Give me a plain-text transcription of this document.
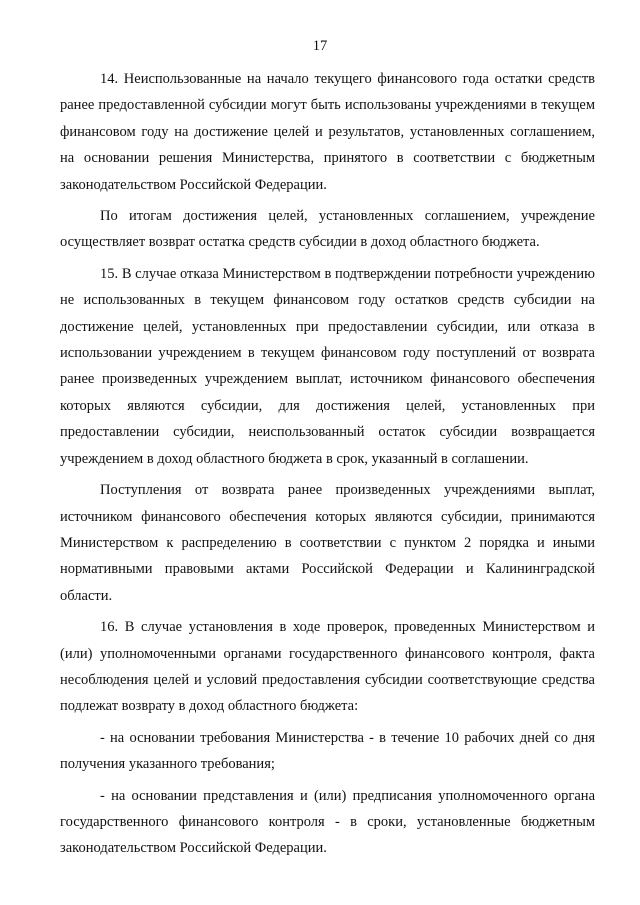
17

14. Неиспользованные на начало текущего финансового года остатки средств ранее предоставленной субсидии могут быть использованы учреждениями в текущем финансовом году на достижение целей и результатов, установленных соглашением, на основании решения Министерства, принятого в соответствии с бюджетным законодательством Российской Федерации.

По итогам достижения целей, установленных соглашением, учреждение осуществляет возврат остатка средств субсидии в доход областного бюджета.

15. В случае отказа Министерством в подтверждении потребности учреждению не использованных в текущем финансовом году остатков средств субсидии на достижение целей, установленных при предоставлении субсидии, или отказа в использовании учреждением в текущем финансовом году поступлений от возврата ранее произведенных учреждением выплат, источником финансового обеспечения которых являются субсидии, для достижения целей, установленных при предоставлении субсидии, неиспользованный остаток субсидии возвращается учреждением в доход областного бюджета в срок, указанный в соглашении.

Поступления от возврата ранее произведенных учреждениями выплат, источником финансового обеспечения которых являются субсидии, принимаются Министерством к распределению в соответствии с пунктом 2 порядка и иными нормативными правовыми актами Российской Федерации и Калининградской области.

16. В случае установления в ходе проверок, проведенных Министерством и (или) уполномоченными органами государственного финансового контроля, факта несоблюдения целей и условий предоставления субсидии соответствующие средства подлежат возврату в доход областного бюджета:

- на основании требования Министерства - в течение 10 рабочих дней со дня получения указанного требования;

- на основании представления и (или) предписания уполномоченного органа государственного финансового контроля - в сроки, установленные бюджетным законодательством Российской Федерации.
